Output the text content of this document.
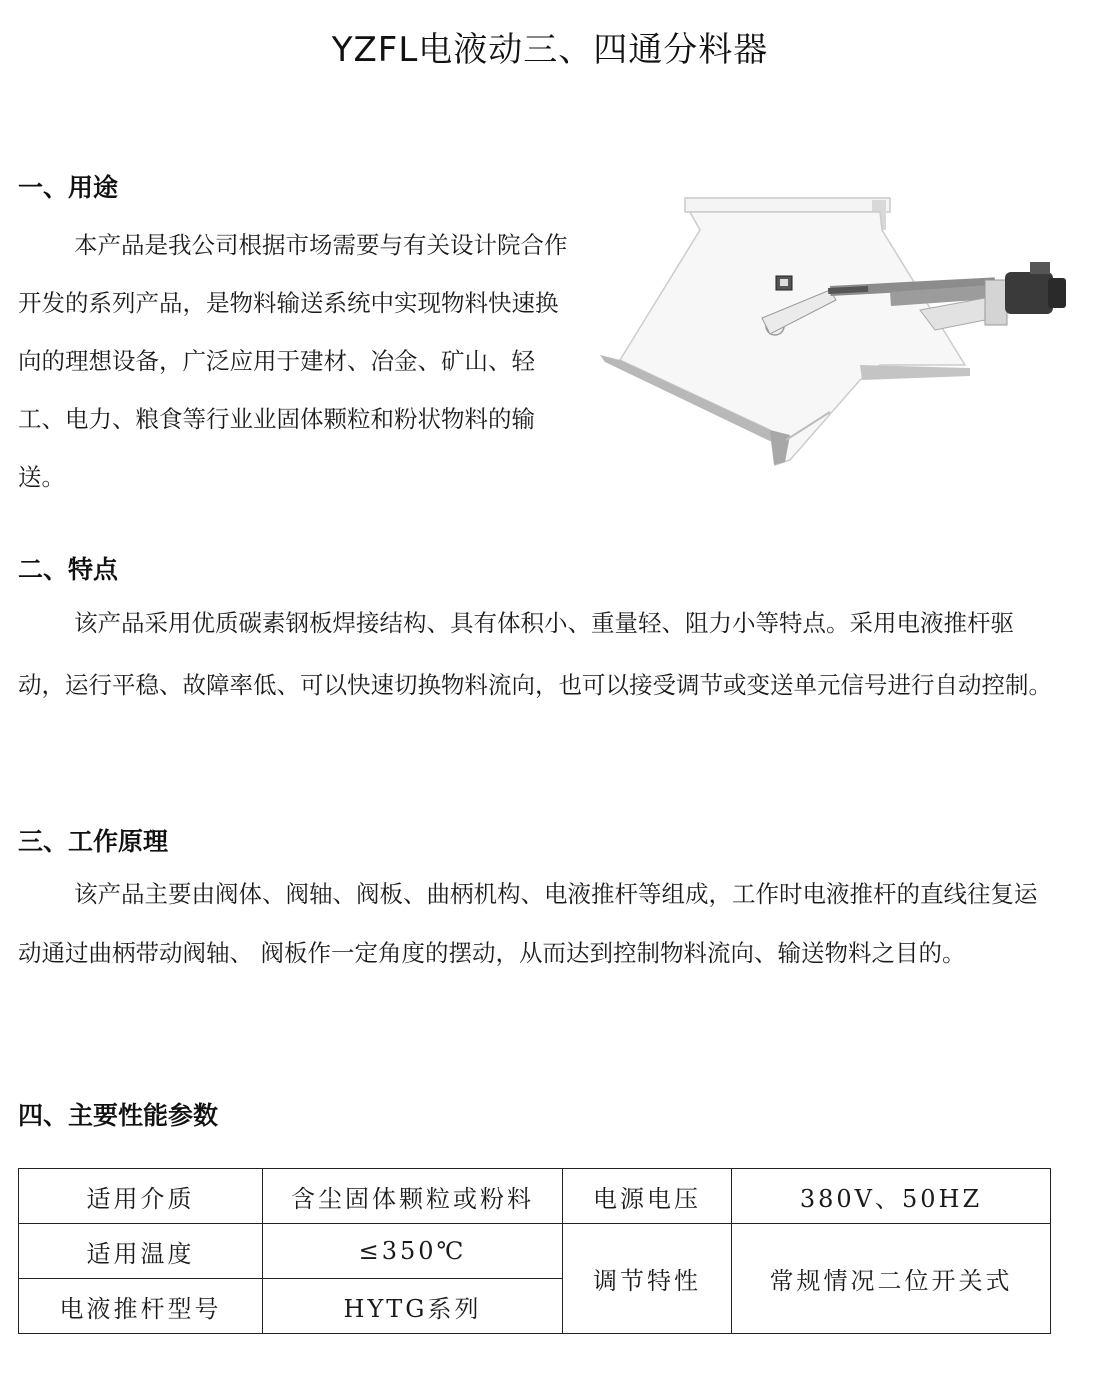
YZFL电液动三、四通分料器
一、用途
本产品是我公司根据市场需要与有关设计院合作开发的系列产品，是物料输送系统中实现物料快速换向的理想设备，广泛应用于建材、冶金、矿山、轻工、电力、粮食等行业业固体颗粒和粉状物料的输送。
二、特点
该产品采用优质碳素钢板焊接结构、具有体积小、重量轻、阻力小等特点。采用电液推杆驱动，运行平稳、故障率低、可以快速切换物料流向，也可以接受调节或变送单元信号进行自动控制。
三、工作原理
该产品主要由阀体、阀轴、阀板、曲柄机构、电液推杆等组成，工作时电液推杆的直线往复运动通过曲柄带动阀轴、 阀板作一定角度的摆动，从而达到控制物料流向、输送物料之目的。
四、主要性能参数
适用介质	含尘固体颗粒或粉料	电源电压	380V、50HZ
适用温度	≤350℃	调节特性	常规情况二位开关式
电液推杆型号	HYTG系列		
